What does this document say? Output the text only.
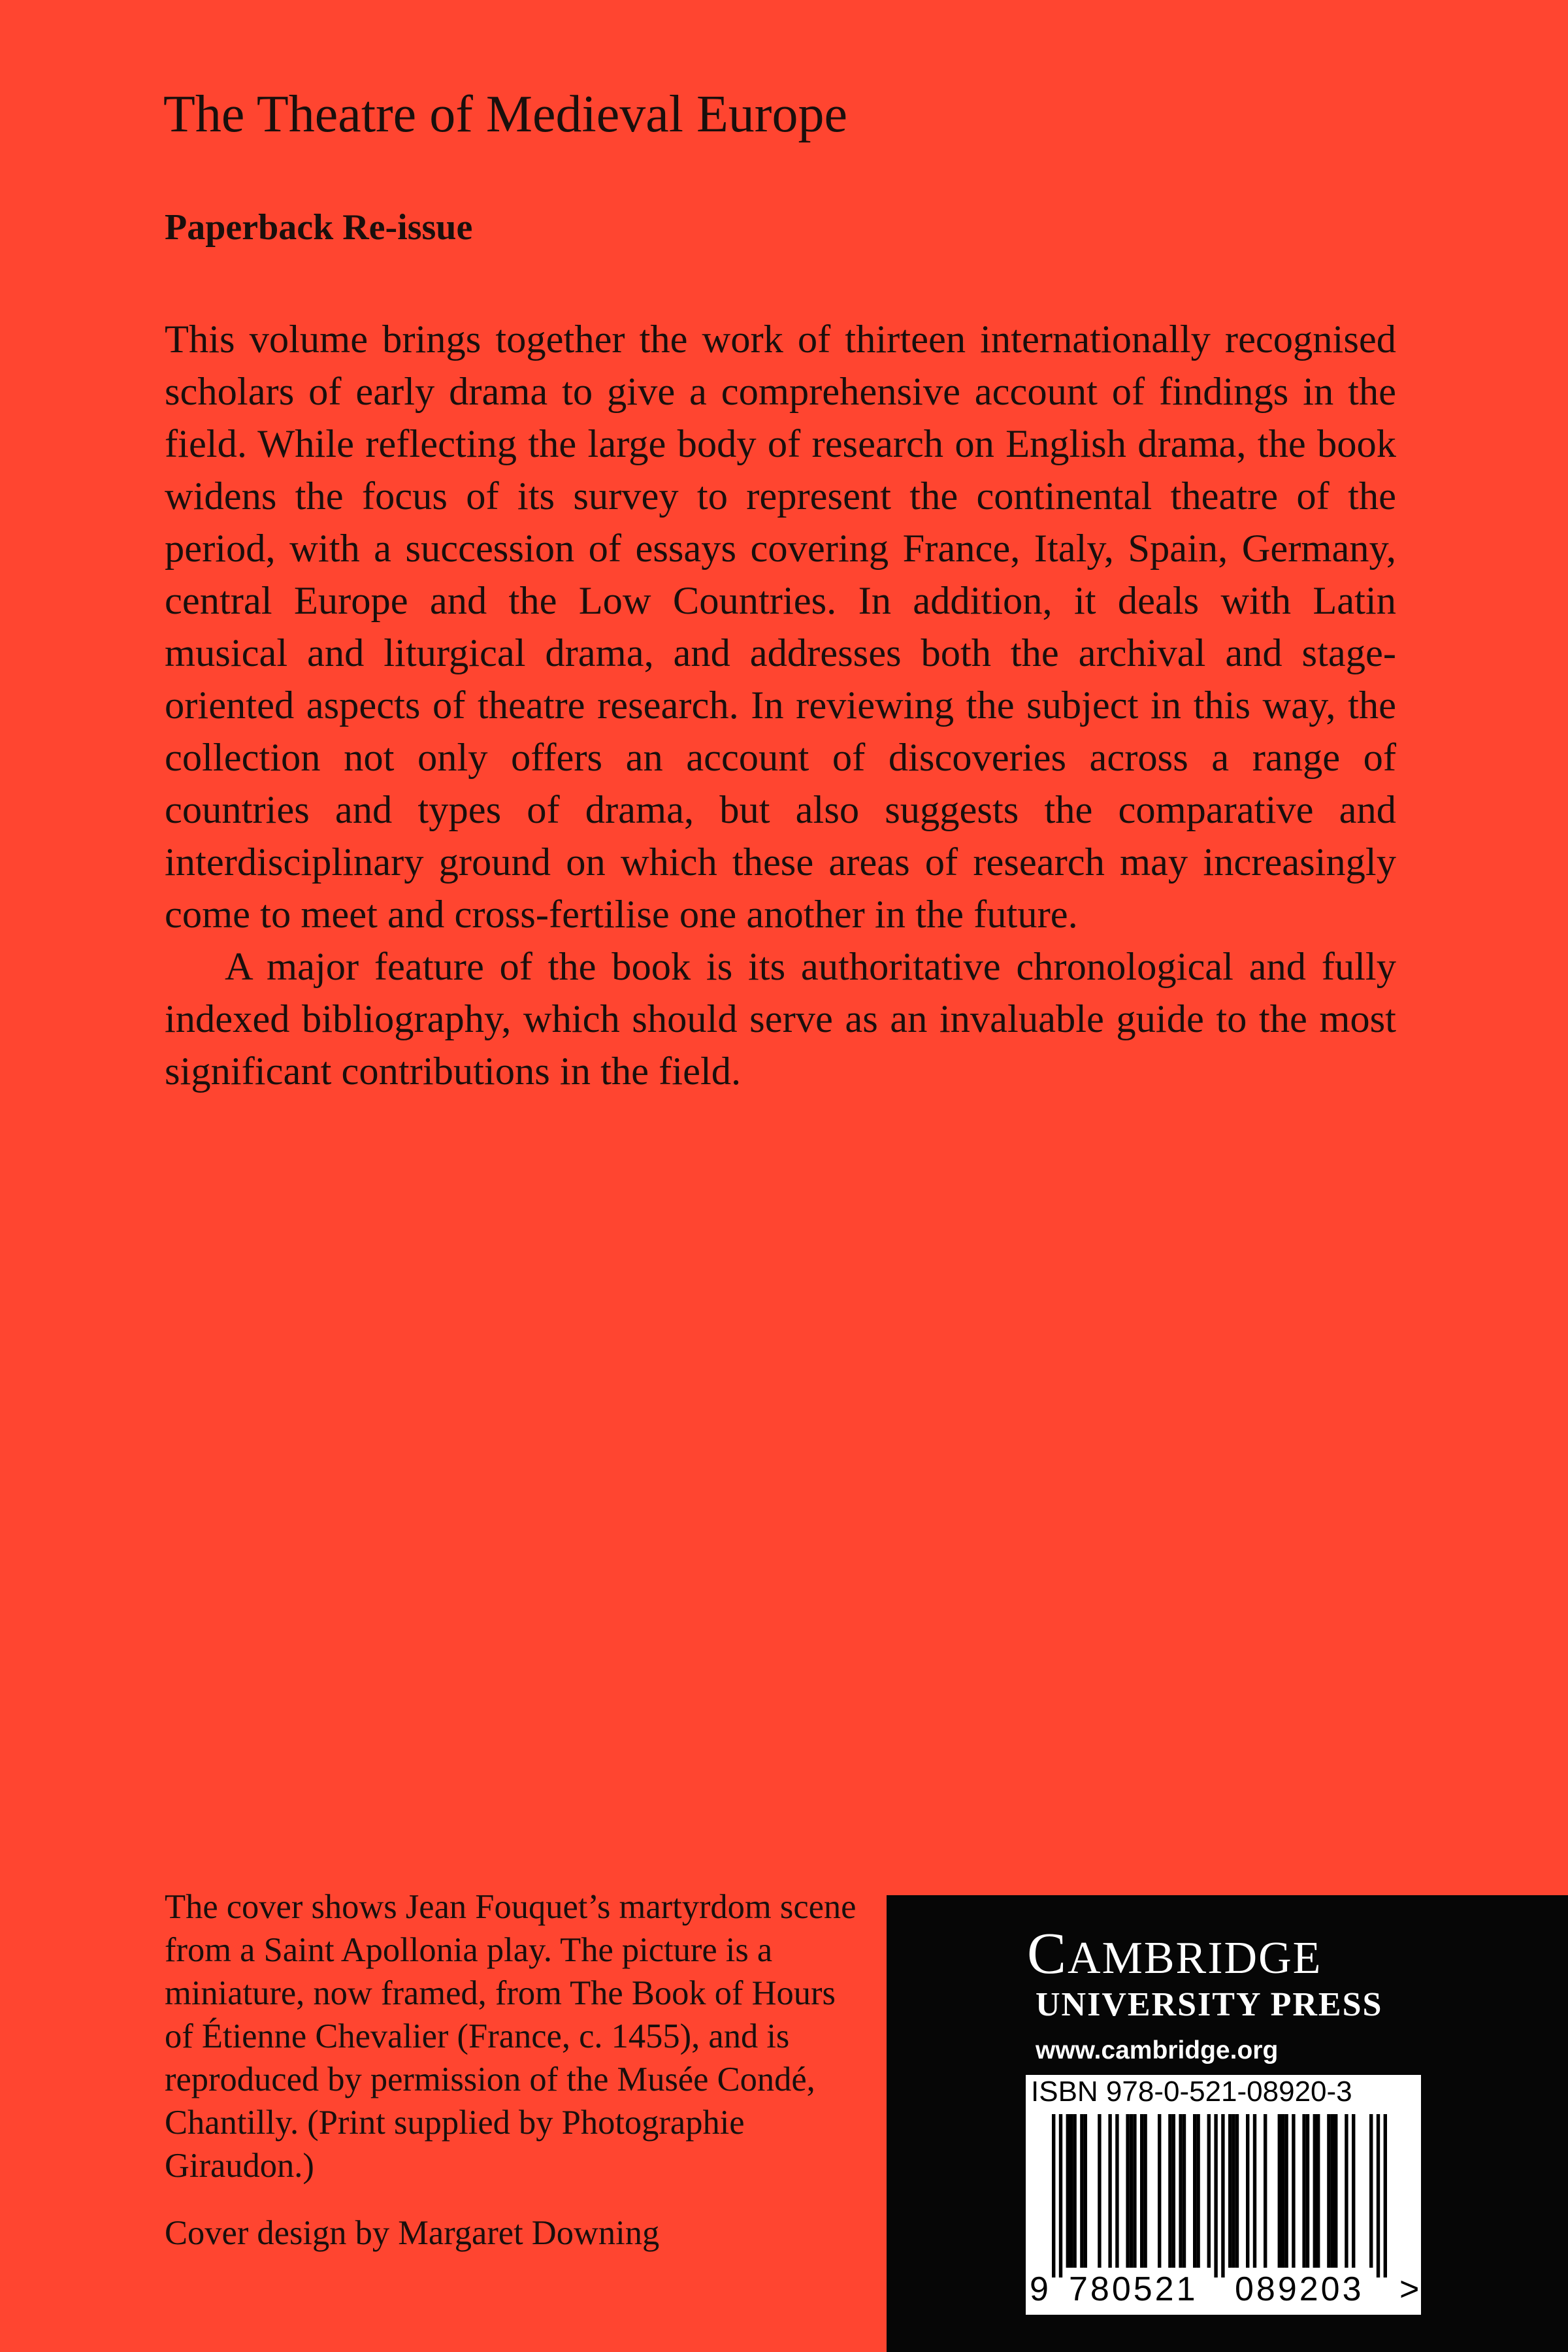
The Theatre of Medieval Europe
Paperback Re-issue

This volume brings together the work of thirteen internationally recognised scholars of early drama to give a comprehensive account of findings in the field. While reflecting the large body of research on English drama, the book widens the focus of its survey to represent the continental theatre of the period, with a succession of essays covering France, Italy, Spain, Germany, central Europe and the Low Countries. In addition, it deals with Latin musical and liturgical drama, and addresses both the archival and stage-oriented aspects of theatre research. In reviewing the subject in this way, the collection not only offers an account of discoveries across a range of countries and types of drama, but also suggests the comparative and interdisciplinary ground on which these areas of research may increasingly come to meet and cross-fertilise one another in the future.

A major feature of the book is its authoritative chronological and fully indexed bibliography, which should serve as an invaluable guide to the most significant contributions in the field.

The cover shows Jean Fouquet’s martyrdom scene from a Saint Apollonia play. The picture is a miniature, now framed, from The Book of Hours of Étienne Chevalier (France, c. 1455), and is reproduced by permission of the Musée Condé, Chantilly. (Print supplied by Photographie Giraudon.)

Cover design by Margaret Downing
CAMBRIDGE
UNIVERSITY PRESS
www.cambridge.org
ISBN 978-0-521-08920-3
9 780521 089203 >
